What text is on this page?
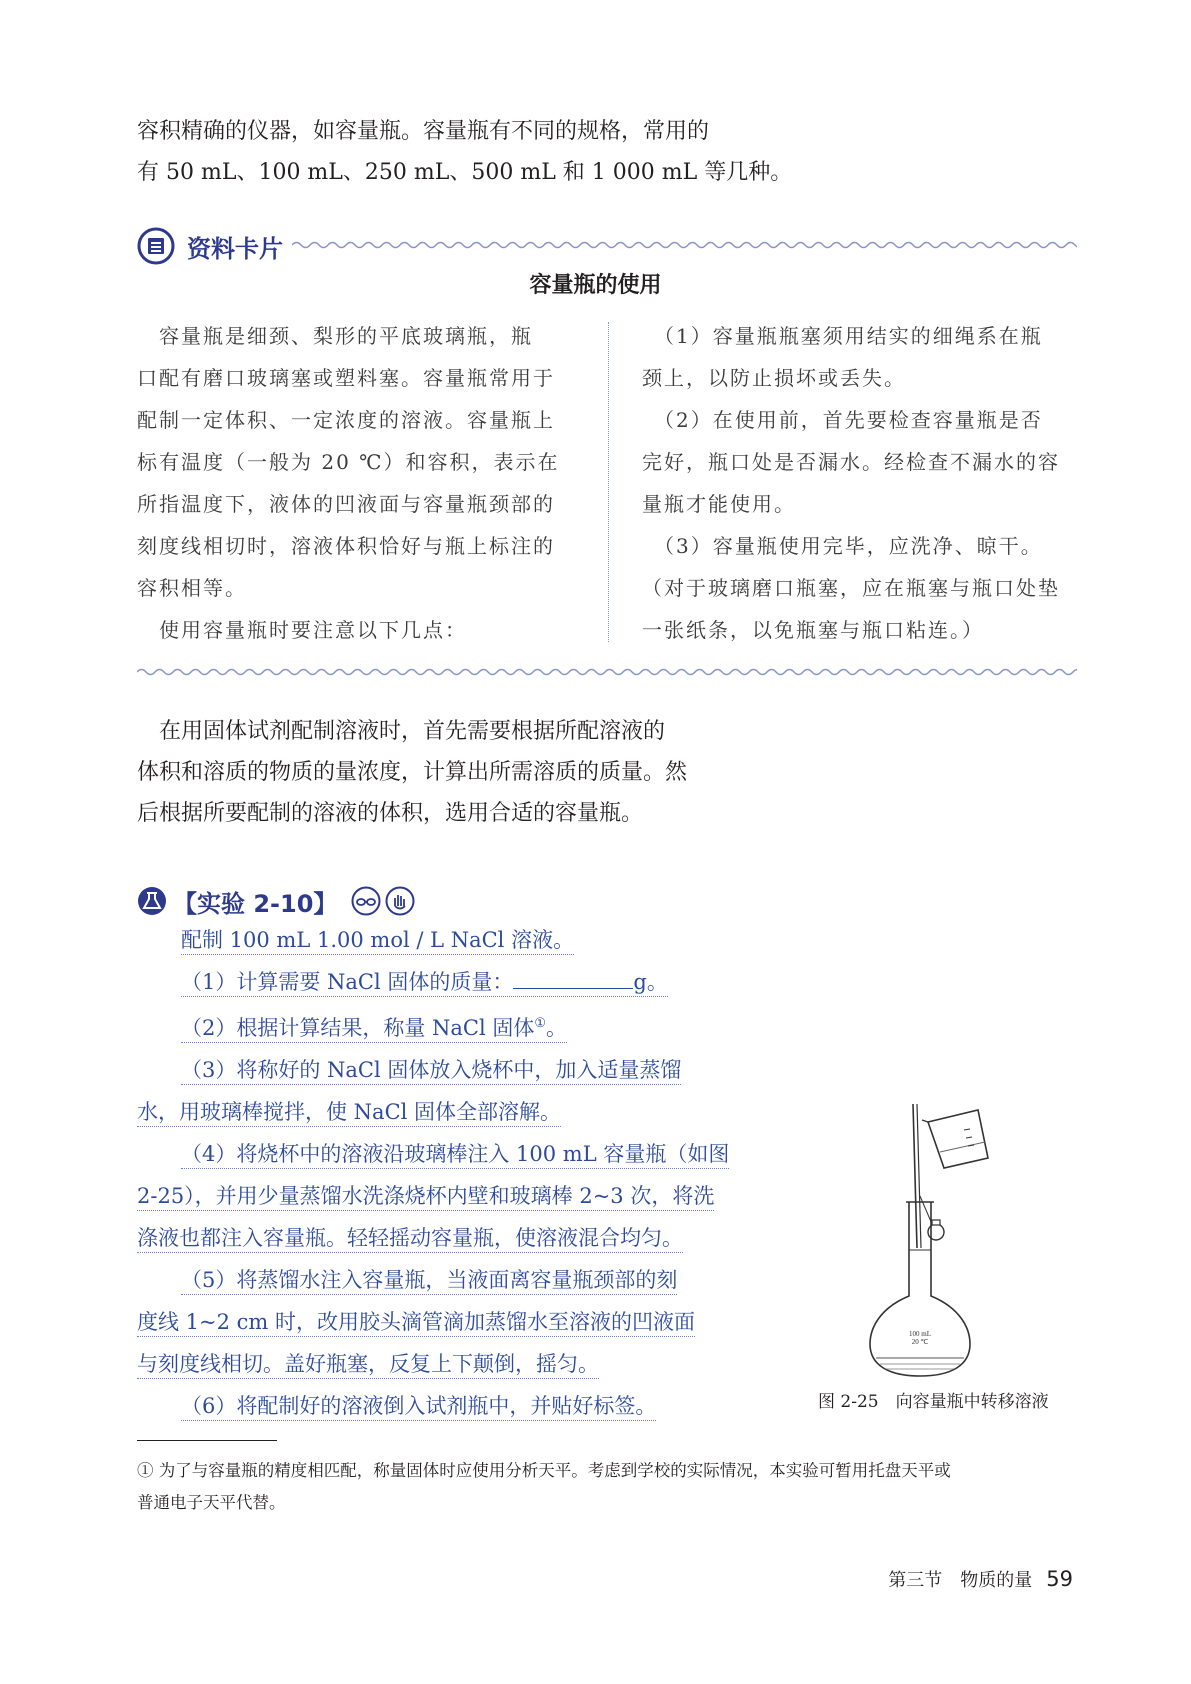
容积精确的仪器，如容量瓶。容量瓶有不同的规格，常用的
有 50 mL、100 mL、250 mL、500 mL 和 1 000 mL 等几种。
资料卡片
容量瓶的使用
　容量瓶是细颈、梨形的平底玻璃瓶，瓶
口配有磨口玻璃塞或塑料塞。容量瓶常用于
配制一定体积、一定浓度的溶液。容量瓶上
标有温度（一般为 20 ℃）和容积，表示在
所指温度下，液体的凹液面与容量瓶颈部的
刻度线相切时，溶液体积恰好与瓶上标注的
容积相等。
　使用容量瓶时要注意以下几点：
　（1）容量瓶瓶塞须用结实的细绳系在瓶
颈上，以防止损坏或丢失。
　（2）在使用前，首先要检查容量瓶是否
完好，瓶口处是否漏水。经检查不漏水的容
量瓶才能使用。
　（3）容量瓶使用完毕，应洗净、晾干。
（对于玻璃磨口瓶塞，应在瓶塞与瓶口处垫
一张纸条，以免瓶塞与瓶口粘连。）
　在用固体试剂配制溶液时，首先需要根据所配溶液的
体积和溶质的物质的量浓度，计算出所需溶质的质量。然
后根据所要配制的溶液的体积，选用合适的容量瓶。
【实验 2-10】
配制 100 mL 1.00 mol / L NaCl 溶液。
（1）计算需要 NaCl 固体的质量：	g。
（2）根据计算结果，称量 NaCl 固体①。
（3）将称好的 NaCl 固体放入烧杯中，加入适量蒸馏
水，用玻璃棒搅拌，使 NaCl 固体全部溶解。
（4）将烧杯中的溶液沿玻璃棒注入 100 mL 容量瓶（如图
2-25），并用少量蒸馏水洗涤烧杯内壁和玻璃棒 2~3 次，将洗
涤液也都注入容量瓶。轻轻摇动容量瓶，使溶液混合均匀。
（5）将蒸馏水注入容量瓶，当液面离容量瓶颈部的刻
度线 1~2 cm 时，改用胶头滴管滴加蒸馏水至溶液的凹液面
与刻度线相切。盖好瓶塞，反复上下颠倒，摇匀。
（6）将配制好的溶液倒入试剂瓶中，并贴好标签。
100 mL
20 ℃
图 2-25　向容量瓶中转移溶液
① 为了与容量瓶的精度相匹配，称量固体时应使用分析天平。考虑到学校的实际情况，本实验可暂用托盘天平或
普通电子天平代替。
第三节　物质的量 59
